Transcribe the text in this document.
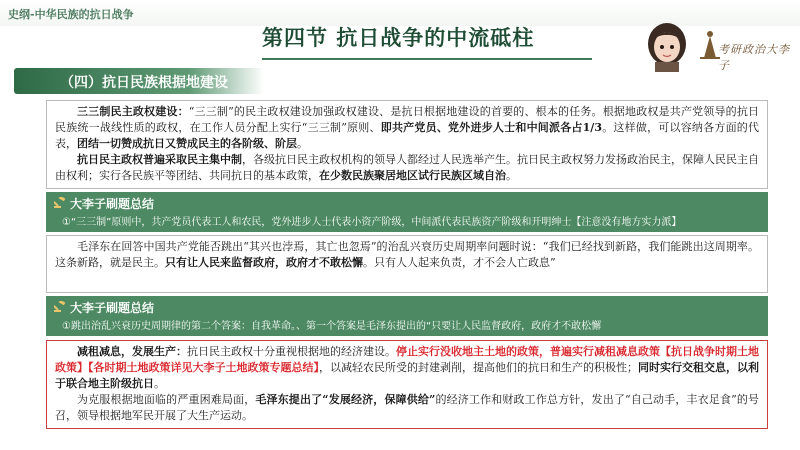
史纲-中华民族的抗日战争
第四节 抗日战争的中流砥柱	考研政治大李子
（四）抗日民族根据地建设

三三制民主政权建设：“三三制”的民主政权建设加强政权建设、是抗日根据地建设的首要的、根本的任务。根据地政权是共产党领导的抗日民族统一战线性质的政权，在工作人员分配上实行“三三制”原则、即共产党员、党外进步人士和中间派各占1/3。这样做，可以容纳各方面的代表，团结一切赞成抗日又赞成民主的各阶级、阶层。

抗日民主政权普遍采取民主集中制，各级抗日民主政权机构的领导人都经过人民选举产生。抗日民主政权努力发扬政治民主，保障人民民主自由权利；实行各民族平等团结、共同抗日的基本政策，在少数民族聚居地区试行民族区域自治。

大李子刷题总结
①“三三制”原则中，共产党员代表工人和农民，党外进步人士代表小资产阶级，中间派代表民族资产阶级和开明绅士【注意没有地方实力派】

毛泽东在回答中国共产党能否跳出“其兴也浡焉，其亡也忽焉”的治乱兴衰历史周期率问题时说：“我们已经找到新路，我们能跳出这周期率。这条新路，就是民主。只有让人民来监督政府，政府才不敢松懈。只有人人起来负责，才不会人亡政息”

大李子刷题总结
①跳出治乱兴衰历史周期律的第二个答案：自我革命。、第一个答案是毛泽东提出的“只要让人民监督政府，政府才不敢松懈

减租减息，发展生产：抗日民主政权十分重视根据地的经济建设。停止实行没收地主土地的政策，普遍实行减租减息政策【抗日战争时期土地政策】【各时期土地政策详见大李子土地政策专题总结】，以减轻农民所受的封建剥削，提高他们的抗日和生产的积极性；同时实行交租交息，以利于联合地主阶级抗日。

为克服根据地面临的严重困难局面，毛泽东提出了“发展经济，保障供给”的经济工作和财政工作总方针，发出了“自己动手，丰衣足食”的号召，领导根据地军民开展了大生产运动。
